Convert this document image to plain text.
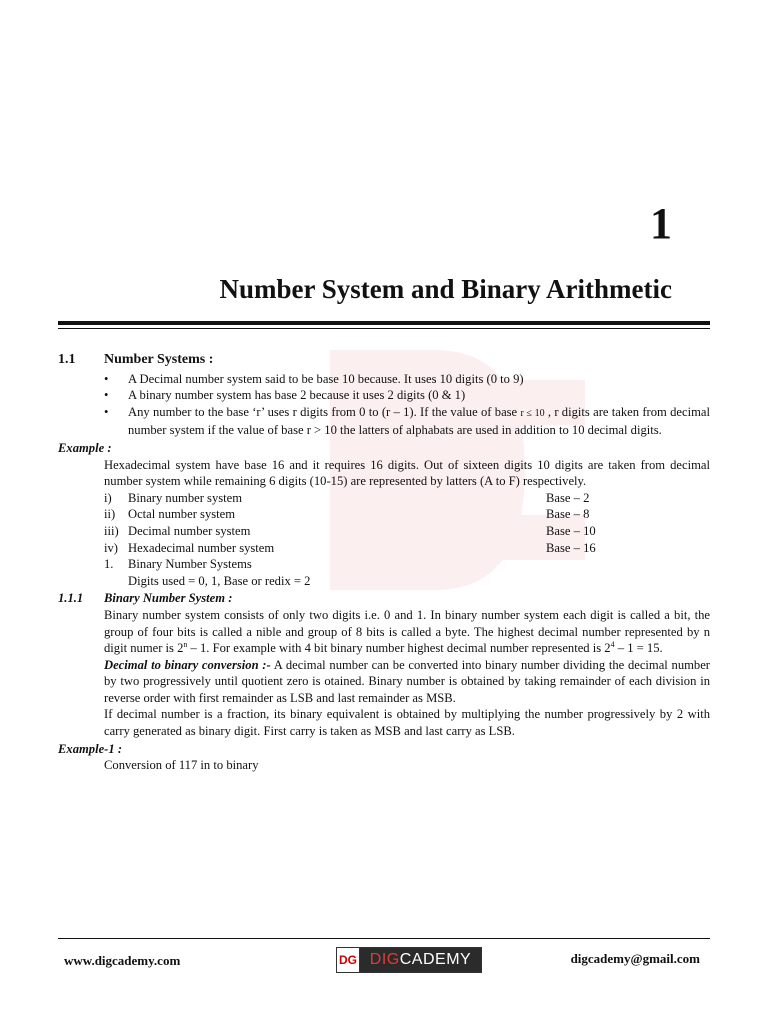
1
Number System and Binary Arithmetic
1.1 Number Systems :
• A Decimal number system said to be base 10 because. It uses 10 digits (0 to 9)
• A binary number system has base 2 because it uses 2 digits (0 & 1)
• Any number to the base ‘r’ uses r digits from 0 to (r – 1). If the value of base r ≤ 10 , r digits are taken from decimal number system if the value of base r > 10 the latters of alphabats are used in addition to 10 decimal digits.
Example :
Hexadecimal system have base 16 and it requires 16 digits. Out of sixteen digits 10 digits are taken from decimal number system while remaining 6 digits (10-15) are represented by latters (A to F) respectively.
i)	Binary number system	Base – 2
ii)	Octal number system	Base – 8
iii) Decimal number system	Base – 10
iv) Hexadecimal number system	Base – 16
1.	Binary Number Systems
Digits used = 0, 1, Base or redix = 2
1.1.1 Binary Number System :
Binary number system consists of only two digits i.e. 0 and 1. In binary number system each digit is called a bit, the group of four bits is called a nible and group of 8 bits is called a byte. The highest decimal number represented by n digit numer is 2$^n$ – 1. For example with 4 bit binary number highest decimal number represented is $2^4 - 1 = 15$.
Decimal to binary conversion :- A decimal number can be converted into binary number dividing the decimal number by two progressively until quotient zero is otained. Binary number is obtained by taking remainder of each division in reverse order with first remainder as LSB and last remainder as MSB.
If decimal number is a fraction, its binary equivalent is obtained by multiplying the number progressively by 2 with carry generated as binary digit. First carry is taken as MSB and last carry as LSB.
Example-1 :
Conversion of 117 in to binary
www.digcademy.com	DG DIG CADEMY	digcademy@gmail.com
